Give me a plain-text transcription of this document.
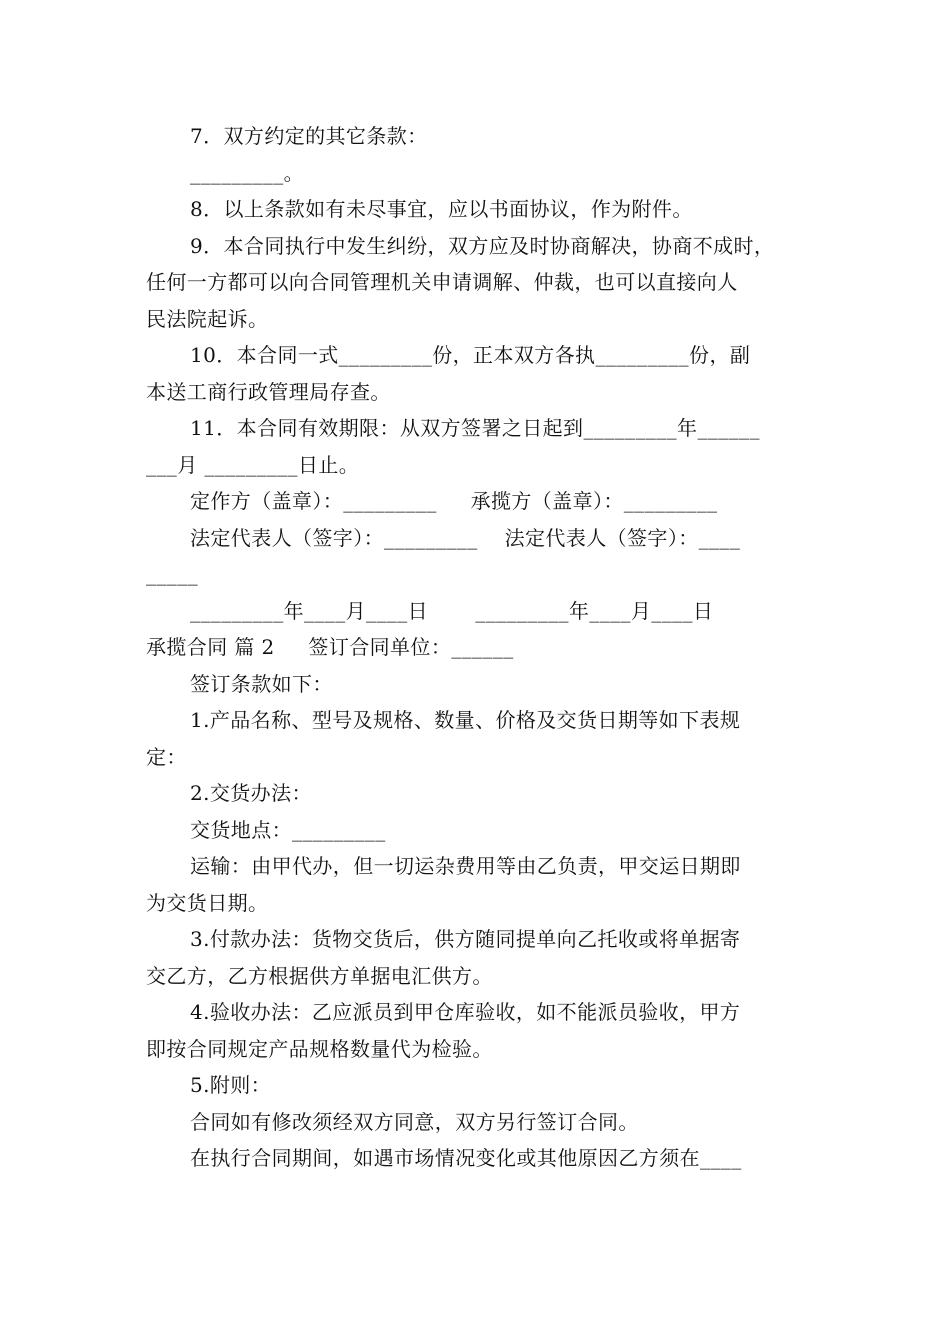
7．双方约定的其它条款：
_________。
8．以上条款如有未尽事宜，应以书面协议，作为附件。
9．本合同执行中发生纠纷，双方应及时协商解决，协商不成时，
任何一方都可以向合同管理机关申请调解、仲裁，也可以直接向人
民法院起诉。
10．本合同一式_________份，正本双方各执_________份，副
本送工商行政管理局存查。
11．本合同有效期限：从双方签署之日起到_________年______
___月 _________日止。
定作方（盖章）：_________     承揽方（盖章）：_________
法定代表人（签字）：_________    法定代表人（签字）：____
_____
_________年____月____日       _________年____月____日
承揽合同 篇 2     签订合同单位：______
签订条款如下：
1.产品名称、型号及规格、数量、价格及交货日期等如下表规
定：
2.交货办法：
交货地点：_________
运输：由甲代办，但一切运杂费用等由乙负责，甲交运日期即
为交货日期。
3.付款办法：货物交货后，供方随同提单向乙托收或将单据寄
交乙方，乙方根据供方单据电汇供方。
4.验收办法：乙应派员到甲仓库验收，如不能派员验收，甲方
即按合同规定产品规格数量代为检验。
5.附则：
合同如有修改须经双方同意，双方另行签订合同。
在执行合同期间，如遇市场情况变化或其他原因乙方须在____
